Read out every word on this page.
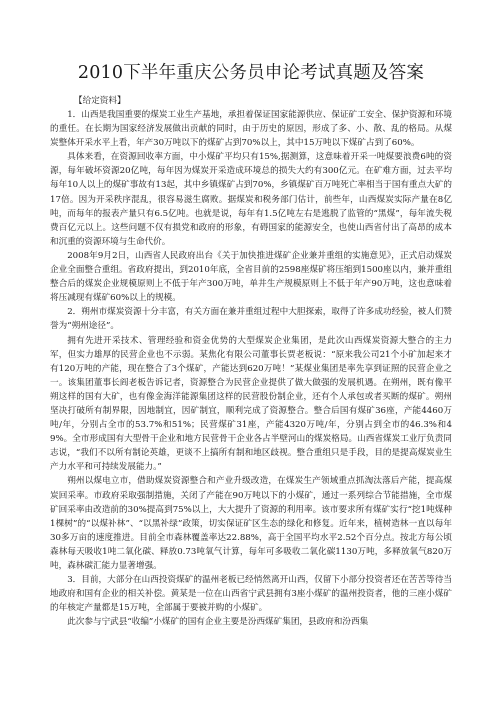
2010下半年重庆公务员申论考试真题及答案
【给定资料】

1．山西是我国重要的煤炭工业生产基地，承担着保证国家能源供应、保证矿工安全、保护资源和环境的重任。在长期为国家经济发展做出贡献的同时，由于历史的原因，形成了多、小、散、乱的格局。从煤炭整体开采水平上看，年产30万吨以下的煤矿占到70%以上，其中15万吨以下煤矿占到了60%。

具体来看，在资源回收率方面，中小煤矿平均只有15%,据测算，这意味着开采一吨煤要浪费6吨的资源，每年破坏资源20亿吨，每年因为煤炭开采造成环境总的损失大约有300亿元。在矿难方面，过去平均每年10人以上的煤矿事故有13起，其中乡镇煤矿占到70%，乡镇煤矿百万吨死亡率相当于国有重点大矿的17倍。因为开采秩序混乱，很容易滋生腐败。据煤炭和税务部门估计，前些年，山西煤炭实际产量在8亿吨，而每年的报表产量只有6.5亿吨。也就是说，每年有1.5亿吨左右是逃脱了监管的“黑煤”，每年流失税费百亿元以上。这些问题不仅有损党和政府的形象，有碍国家的能源安全，也使山西省付出了高昂的成本和沉重的资源环境与生命代价。

2008年9月2日，山西省人民政府出台《关于加快推进煤矿企业兼并重组的实施意见》，正式启动煤炭企业全面整合重组。省政府提出，到2010年底，全省目前的2598座煤矿将压缩到1500座以内，兼并重组整合后的煤炭企业规模原则上不低于年产300万吨，单井生产规模原则上不低于年产90万吨，这也意味着将压减现有煤矿60%以上的规模。

2．朔州市煤炭资源十分丰富，有关方面在兼并重组过程中大胆探索，取得了许多成功经验，被人们赞誉为“朔州途径”。

拥有先进开采技术、管理经验和资金优势的大型煤炭企业集团，是此次山西煤炭资源大整合的主力军，但实力雄厚的民营企业也不示弱。某焦化有限公司董事长贾老板说：“原来我公司21个小矿加起来才有120万吨的产能，现在整合了3个煤矿，产能达到620万吨！”某煤业集团是率先享到证照的民营企业之一。该集团董事长阎老板告诉记者，资源整合为民营企业提供了做大做强的发展机遇。在朔州，既有像平朔这样的国有大矿，也有像金海洋能源集团这样的民营股份制企业，还有个人承包或者买断的煤矿。朔州坚决打破所有制界限，因地制宜，因矿制宜，顺利完成了资源整合。整合后国有煤矿36座，产能4460万吨/年，分别占全市的53.7%和51%；民营煤矿31座，产能4320万吨/年，分别占到全市的46.3%和49%。全市形成国有大型骨干企业和地方民营骨干企业各占半壁河山的煤炭格局。山西省煤炭工业厅负责同志说，“我们不以所有制论英雄，更谈不上搞所有制和地区歧视。整合重组只是手段，目的是提高煤炭业生产力水平和可持续发展能力。”

朔州以煤电立市，借助煤炭资源整合和产业升级改造，在煤炭生产领域重点抓淘汰落后产能，提高煤炭回采率。市政府采取强制措施，关闭了产能在90万吨以下的小煤矿，通过一系列综合节能措施，全市煤矿回采率由改造前的30%提高到75%以上，大大提升了资源的利用率。该市要求所有煤矿实行“挖1吨煤种1棵树”的“以煤补林”、“以黑补绿”政策，切实保证矿区生态的绿化和修复。近年来，植树造林一直以每年30多万亩的速度推进。目前全市森林覆盖率达22.88%，高于全国平均水平2.52个百分点。按北方每公顷森林每天吸收1吨二氧化碳、释放0.73吨氧气计算，每年可多吸收二氧化碳1130万吨，多释放氧气820万吨，森林碳汇能力显著增强。

3．目前，大部分在山西投资煤矿的温州老板已经悄然离开山西，仅留下小部分投资者还在苦苦等待当地政府和国有企业的相关补偿。黄某是一位在山西省宁武县拥有3座小煤矿的温州投资者，他的三座小煤矿的年核定产量都是15万吨，全部属于要被并购的小煤矿。

此次参与宁武县“收编”小煤矿的国有企业主要是汾西煤矿集团，县政府和汾西集
